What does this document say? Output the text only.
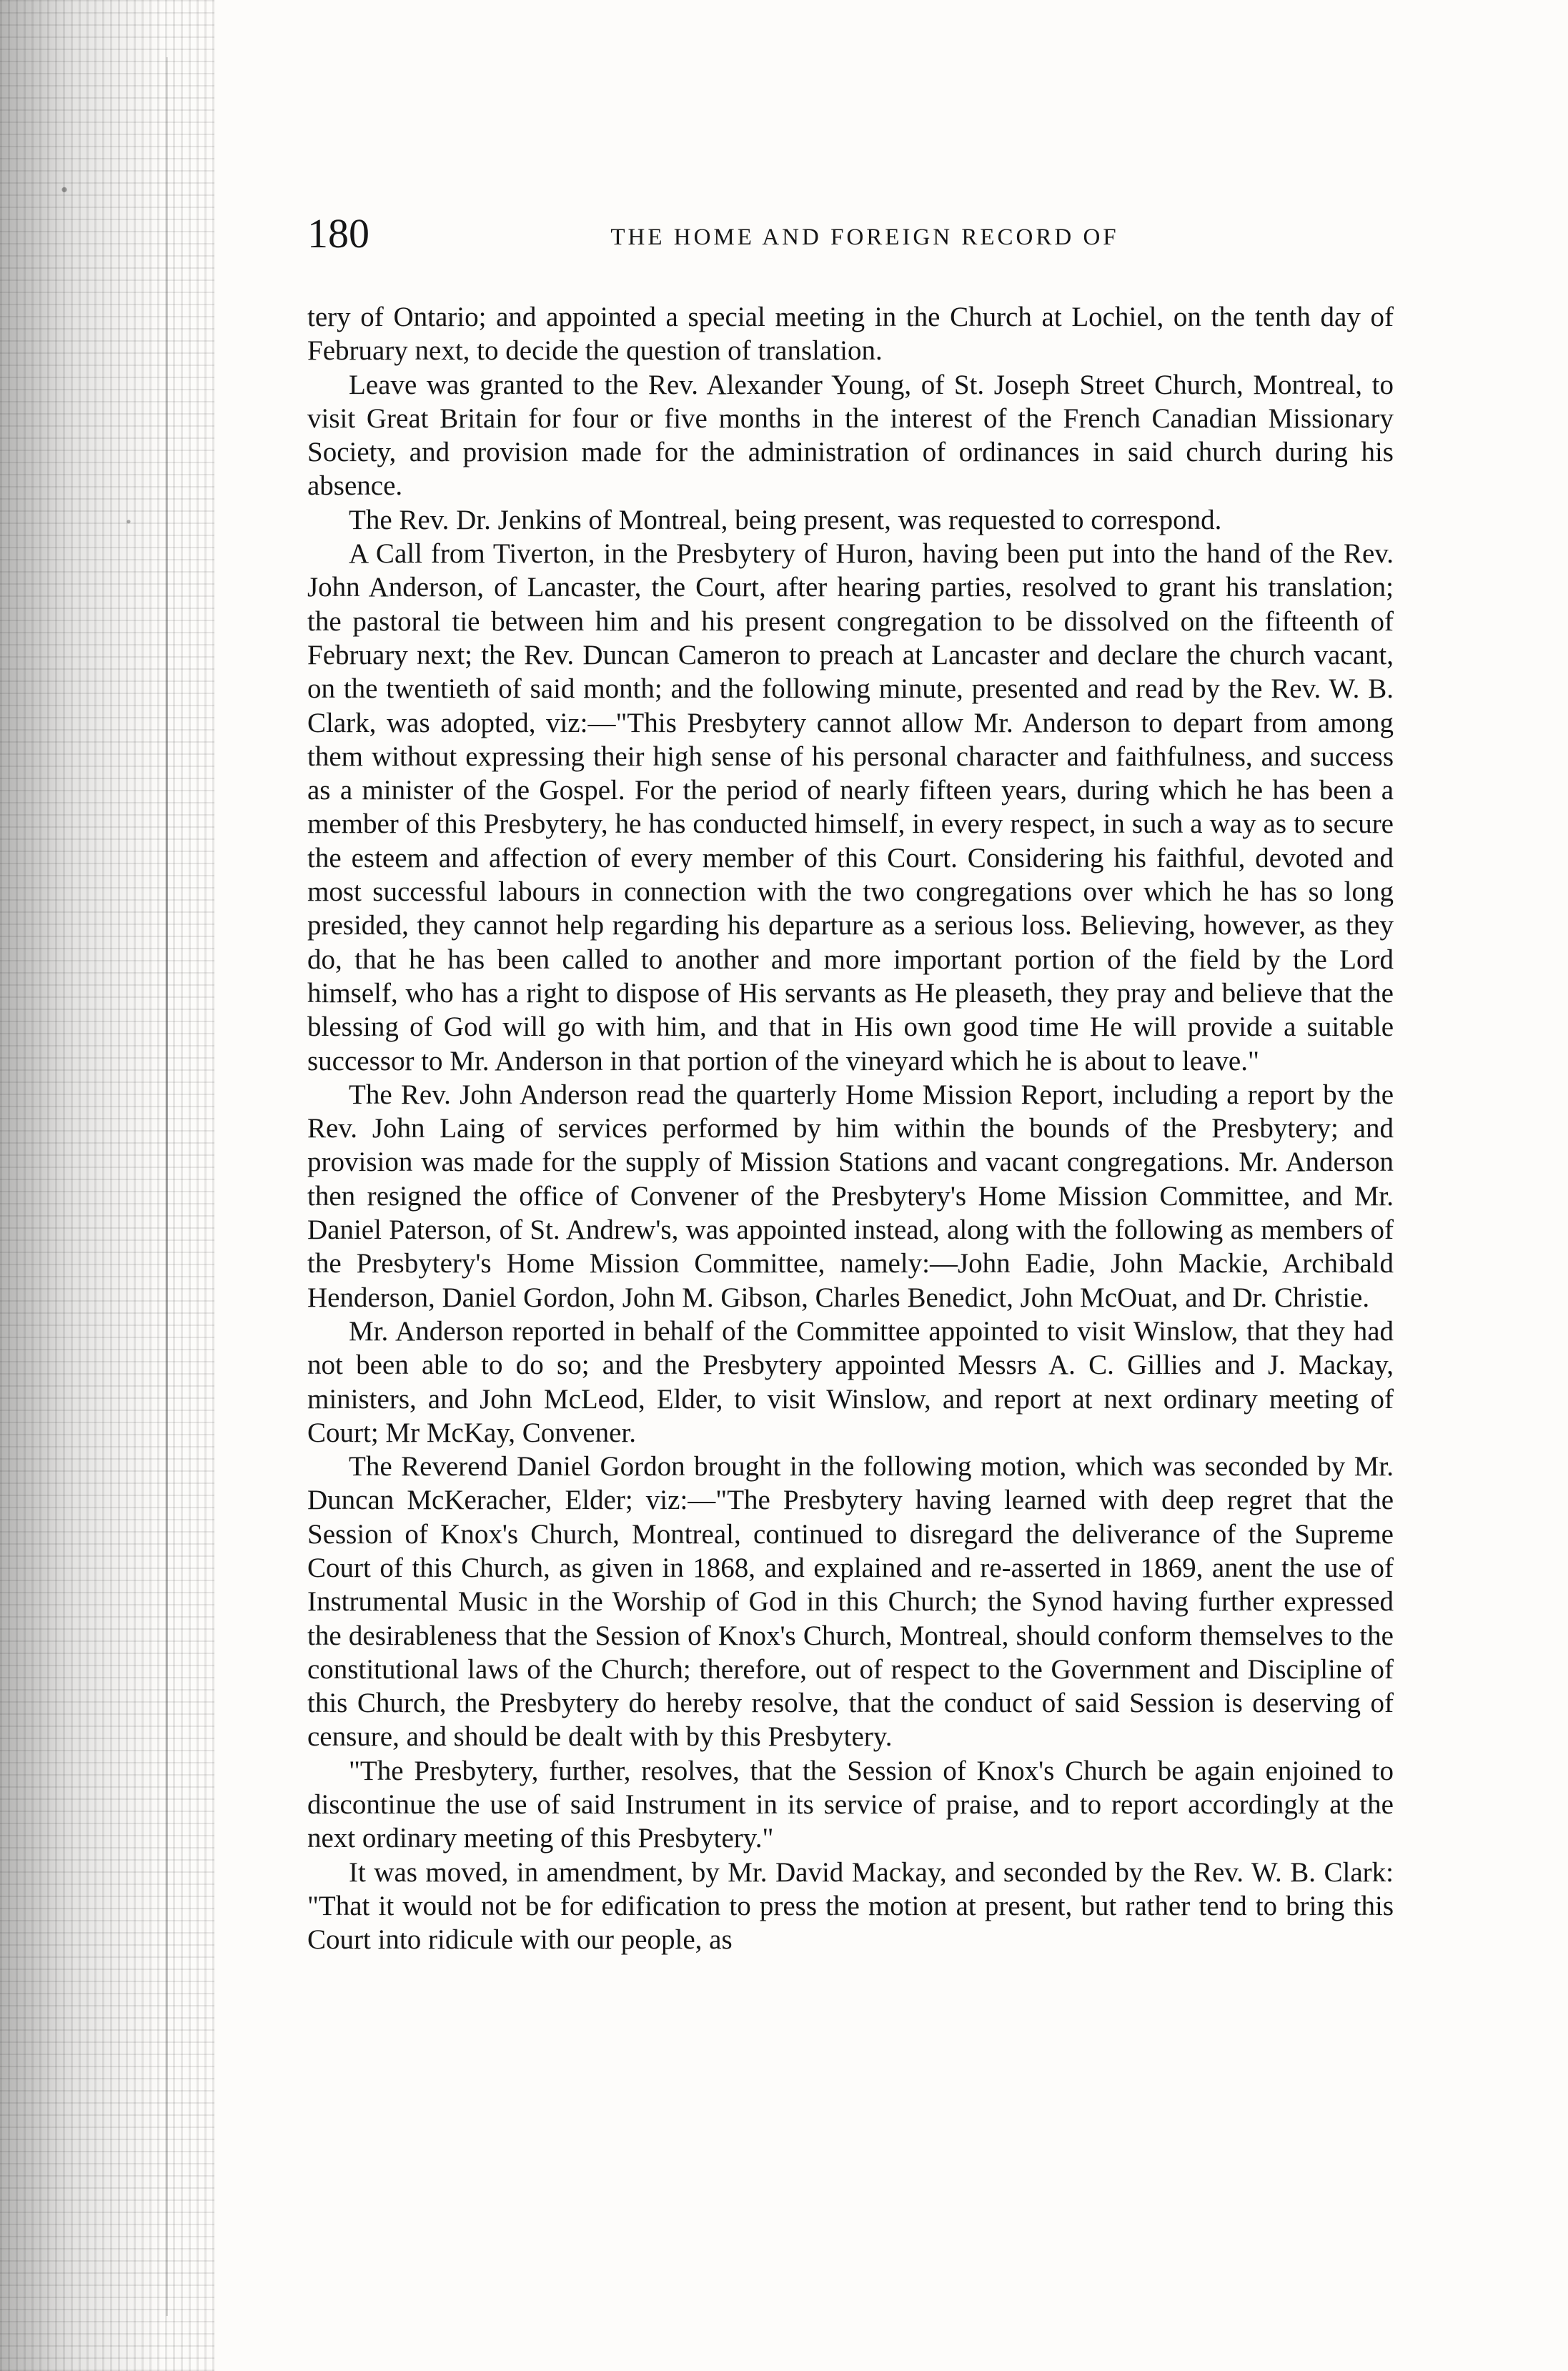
180	THE HOME AND FOREIGN RECORD OF

tery of Ontario; and appointed a special meeting in the Church at Lochiel, on the tenth day of February next, to decide the question of translation.

Leave was granted to the Rev. Alexander Young, of St. Joseph Street Church, Montreal, to visit Great Britain for four or five months in the interest of the French Canadian Missionary Society, and provision made for the administration of ordinances in said church during his absence.

The Rev. Dr. Jenkins of Montreal, being present, was requested to correspond.

A Call from Tiverton, in the Presbytery of Huron, having been put into the hand of the Rev. John Anderson, of Lancaster, the Court, after hearing parties, resolved to grant his translation; the pastoral tie between him and his present congregation to be dissolved on the fifteenth of February next; the Rev. Duncan Cameron to preach at Lancaster and declare the church vacant, on the twentieth of said month; and the following minute, presented and read by the Rev. W. B. Clark, was adopted, viz:—"This Presbytery cannot allow Mr. Anderson to depart from among them without expressing their high sense of his personal character and faithfulness, and success as a minister of the Gospel. For the period of nearly fifteen years, during which he has been a member of this Presbytery, he has conducted himself, in every respect, in such a way as to secure the esteem and affection of every member of this Court. Considering his faithful, devoted and most successful labours in connection with the two congregations over which he has so long presided, they cannot help regarding his departure as a serious loss. Believing, however, as they do, that he has been called to another and more important portion of the field by the Lord himself, who has a right to dispose of His servants as He pleaseth, they pray and believe that the blessing of God will go with him, and that in His own good time He will provide a suitable successor to Mr. Anderson in that portion of the vineyard which he is about to leave."

The Rev. John Anderson read the quarterly Home Mission Report, including a report by the Rev. John Laing of services performed by him within the bounds of the Presbytery; and provision was made for the supply of Mission Stations and vacant congregations. Mr. Anderson then resigned the office of Convener of the Presbytery's Home Mission Committee, and Mr. Daniel Paterson, of St. Andrew's, was appointed instead, along with the following as members of the Presbytery's Home Mission Committee, namely:—John Eadie, John Mackie, Archibald Henderson, Daniel Gordon, John M. Gibson, Charles Benedict, John McOuat, and Dr. Christie.

Mr. Anderson reported in behalf of the Committee appointed to visit Winslow, that they had not been able to do so; and the Presbytery appointed Messrs A. C. Gillies and J. Mackay, ministers, and John McLeod, Elder, to visit Winslow, and report at next ordinary meeting of Court; Mr McKay, Convener.

The Reverend Daniel Gordon brought in the following motion, which was seconded by Mr. Duncan McKeracher, Elder; viz:—"The Presbytery having learned with deep regret that the Session of Knox's Church, Montreal, continued to disregard the deliverance of the Supreme Court of this Church, as given in 1868, and explained and re-asserted in 1869, anent the use of Instrumental Music in the Worship of God in this Church; the Synod having further expressed the desirableness that the Session of Knox's Church, Montreal, should conform themselves to the constitutional laws of the Church; therefore, out of respect to the Government and Discipline of this Church, the Presbytery do hereby resolve, that the conduct of said Session is deserving of censure, and should be dealt with by this Presbytery.

"The Presbytery, further, resolves, that the Session of Knox's Church be again enjoined to discontinue the use of said Instrument in its service of praise, and to report accordingly at the next ordinary meeting of this Presbytery."

It was moved, in amendment, by Mr. David Mackay, and seconded by the Rev. W. B. Clark: "That it would not be for edification to press the motion at present, but rather tend to bring this Court into ridicule with our people, as
